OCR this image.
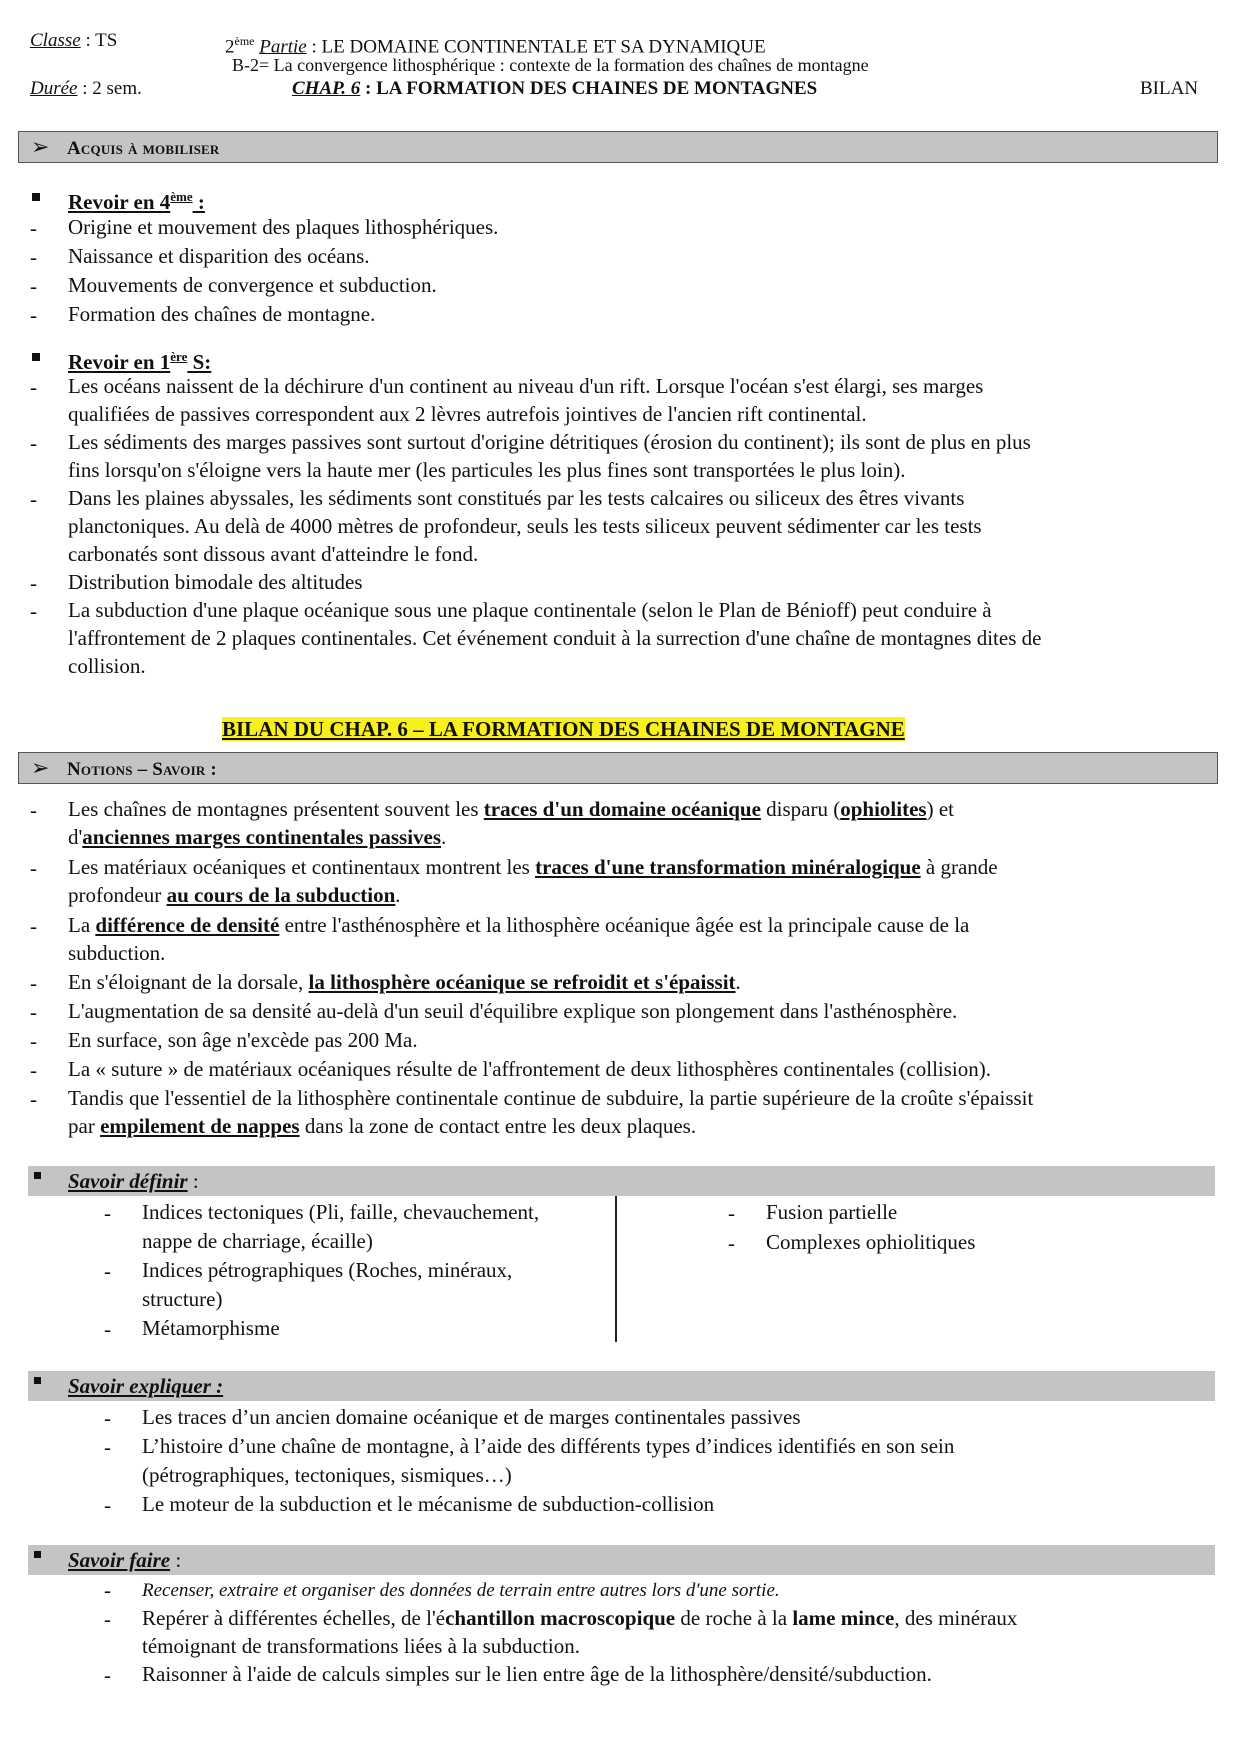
Classe : TS	2ème Partie : LE DOMAINE CONTINENTALE ET SA DYNAMIQUE
B-2= La convergence lithosphérique : contexte de la formation des chaînes de montagne
Durée : 2 sem.	CHAP. 6 : LA FORMATION DES CHAINES DE MONTAGNES	BILAN
➢ Acquis à mobiliser
Revoir en 4ème :
- Origine et mouvement des plaques lithosphériques.
- Naissance et disparition des océans.
- Mouvements de convergence et subduction.
- Formation des chaînes de montagne.
Revoir en 1ère S:
- Les océans naissent de la déchirure d'un continent au niveau d'un rift. Lorsque l'océan s'est élargi, ses marges
qualifiées de passives correspondent aux 2 lèvres autrefois jointives de l'ancien rift continental.
- Les sédiments des marges passives sont surtout d'origine détritiques (érosion du continent); ils sont de plus en plus
fins lorsqu'on s'éloigne vers la haute mer (les particules les plus fines sont transportées le plus loin).
- Dans les plaines abyssales, les sédiments sont constitués par les tests calcaires ou siliceux des êtres vivants
planctoniques. Au delà de 4000 mètres de profondeur, seuls les tests siliceux peuvent sédimenter car les tests
carbonatés sont dissous avant d'atteindre le fond.
- Distribution bimodale des altitudes
- La subduction d'une plaque océanique sous une plaque continentale (selon le Plan de Bénioff) peut conduire à
l'affrontement de 2 plaques continentales. Cet événement conduit à la surrection d'une chaîne de montagnes dites de
collision.
BILAN DU CHAP. 6 – LA FORMATION DES CHAINES DE MONTAGNE
➢ Notions – Savoir :
- Les chaînes de montagnes présentent souvent les traces d'un domaine océanique disparu (ophiolites) et
d'anciennes marges continentales passives.
- Les matériaux océaniques et continentaux montrent les traces d'une transformation minéralogique à grande
profondeur au cours de la subduction.
- La différence de densité entre l'asthénosphère et la lithosphère océanique âgée est la principale cause de la
subduction.
- En s'éloignant de la dorsale, la lithosphère océanique se refroidit et s'épaissit.
- L'augmentation de sa densité au-delà d'un seuil d'équilibre explique son plongement dans l'asthénosphère.
- En surface, son âge n'excède pas 200 Ma.
- La « suture » de matériaux océaniques résulte de l'affrontement de deux lithosphères continentales (collision).
- Tandis que l'essentiel de la lithosphère continentale continue de subduire, la partie supérieure de la croûte s'épaissit
par empilement de nappes dans la zone de contact entre les deux plaques.
Savoir définir :
- Indices tectoniques (Pli, faille, chevauchement,
nappe de charriage, écaille)
- Indices pétrographiques (Roches, minéraux,
structure)
- Métamorphisme
- Fusion partielle
- Complexes ophiolitiques
Savoir expliquer :
- Les traces d’un ancien domaine océanique et de marges continentales passives
- L’histoire d’une chaîne de montagne, à l’aide des différents types d’indices identifiés en son sein
(pétrographiques, tectoniques, sismiques…)
- Le moteur de la subduction et le mécanisme de subduction-collision
Savoir faire :
- Recenser, extraire et organiser des données de terrain entre autres lors d'une sortie.
- Repérer à différentes échelles, de l'échantillon macroscopique de roche à la lame mince, des minéraux
témoignant de transformations liées à la subduction.
- Raisonner à l'aide de calculs simples sur le lien entre âge de la lithosphère/densité/subduction.
